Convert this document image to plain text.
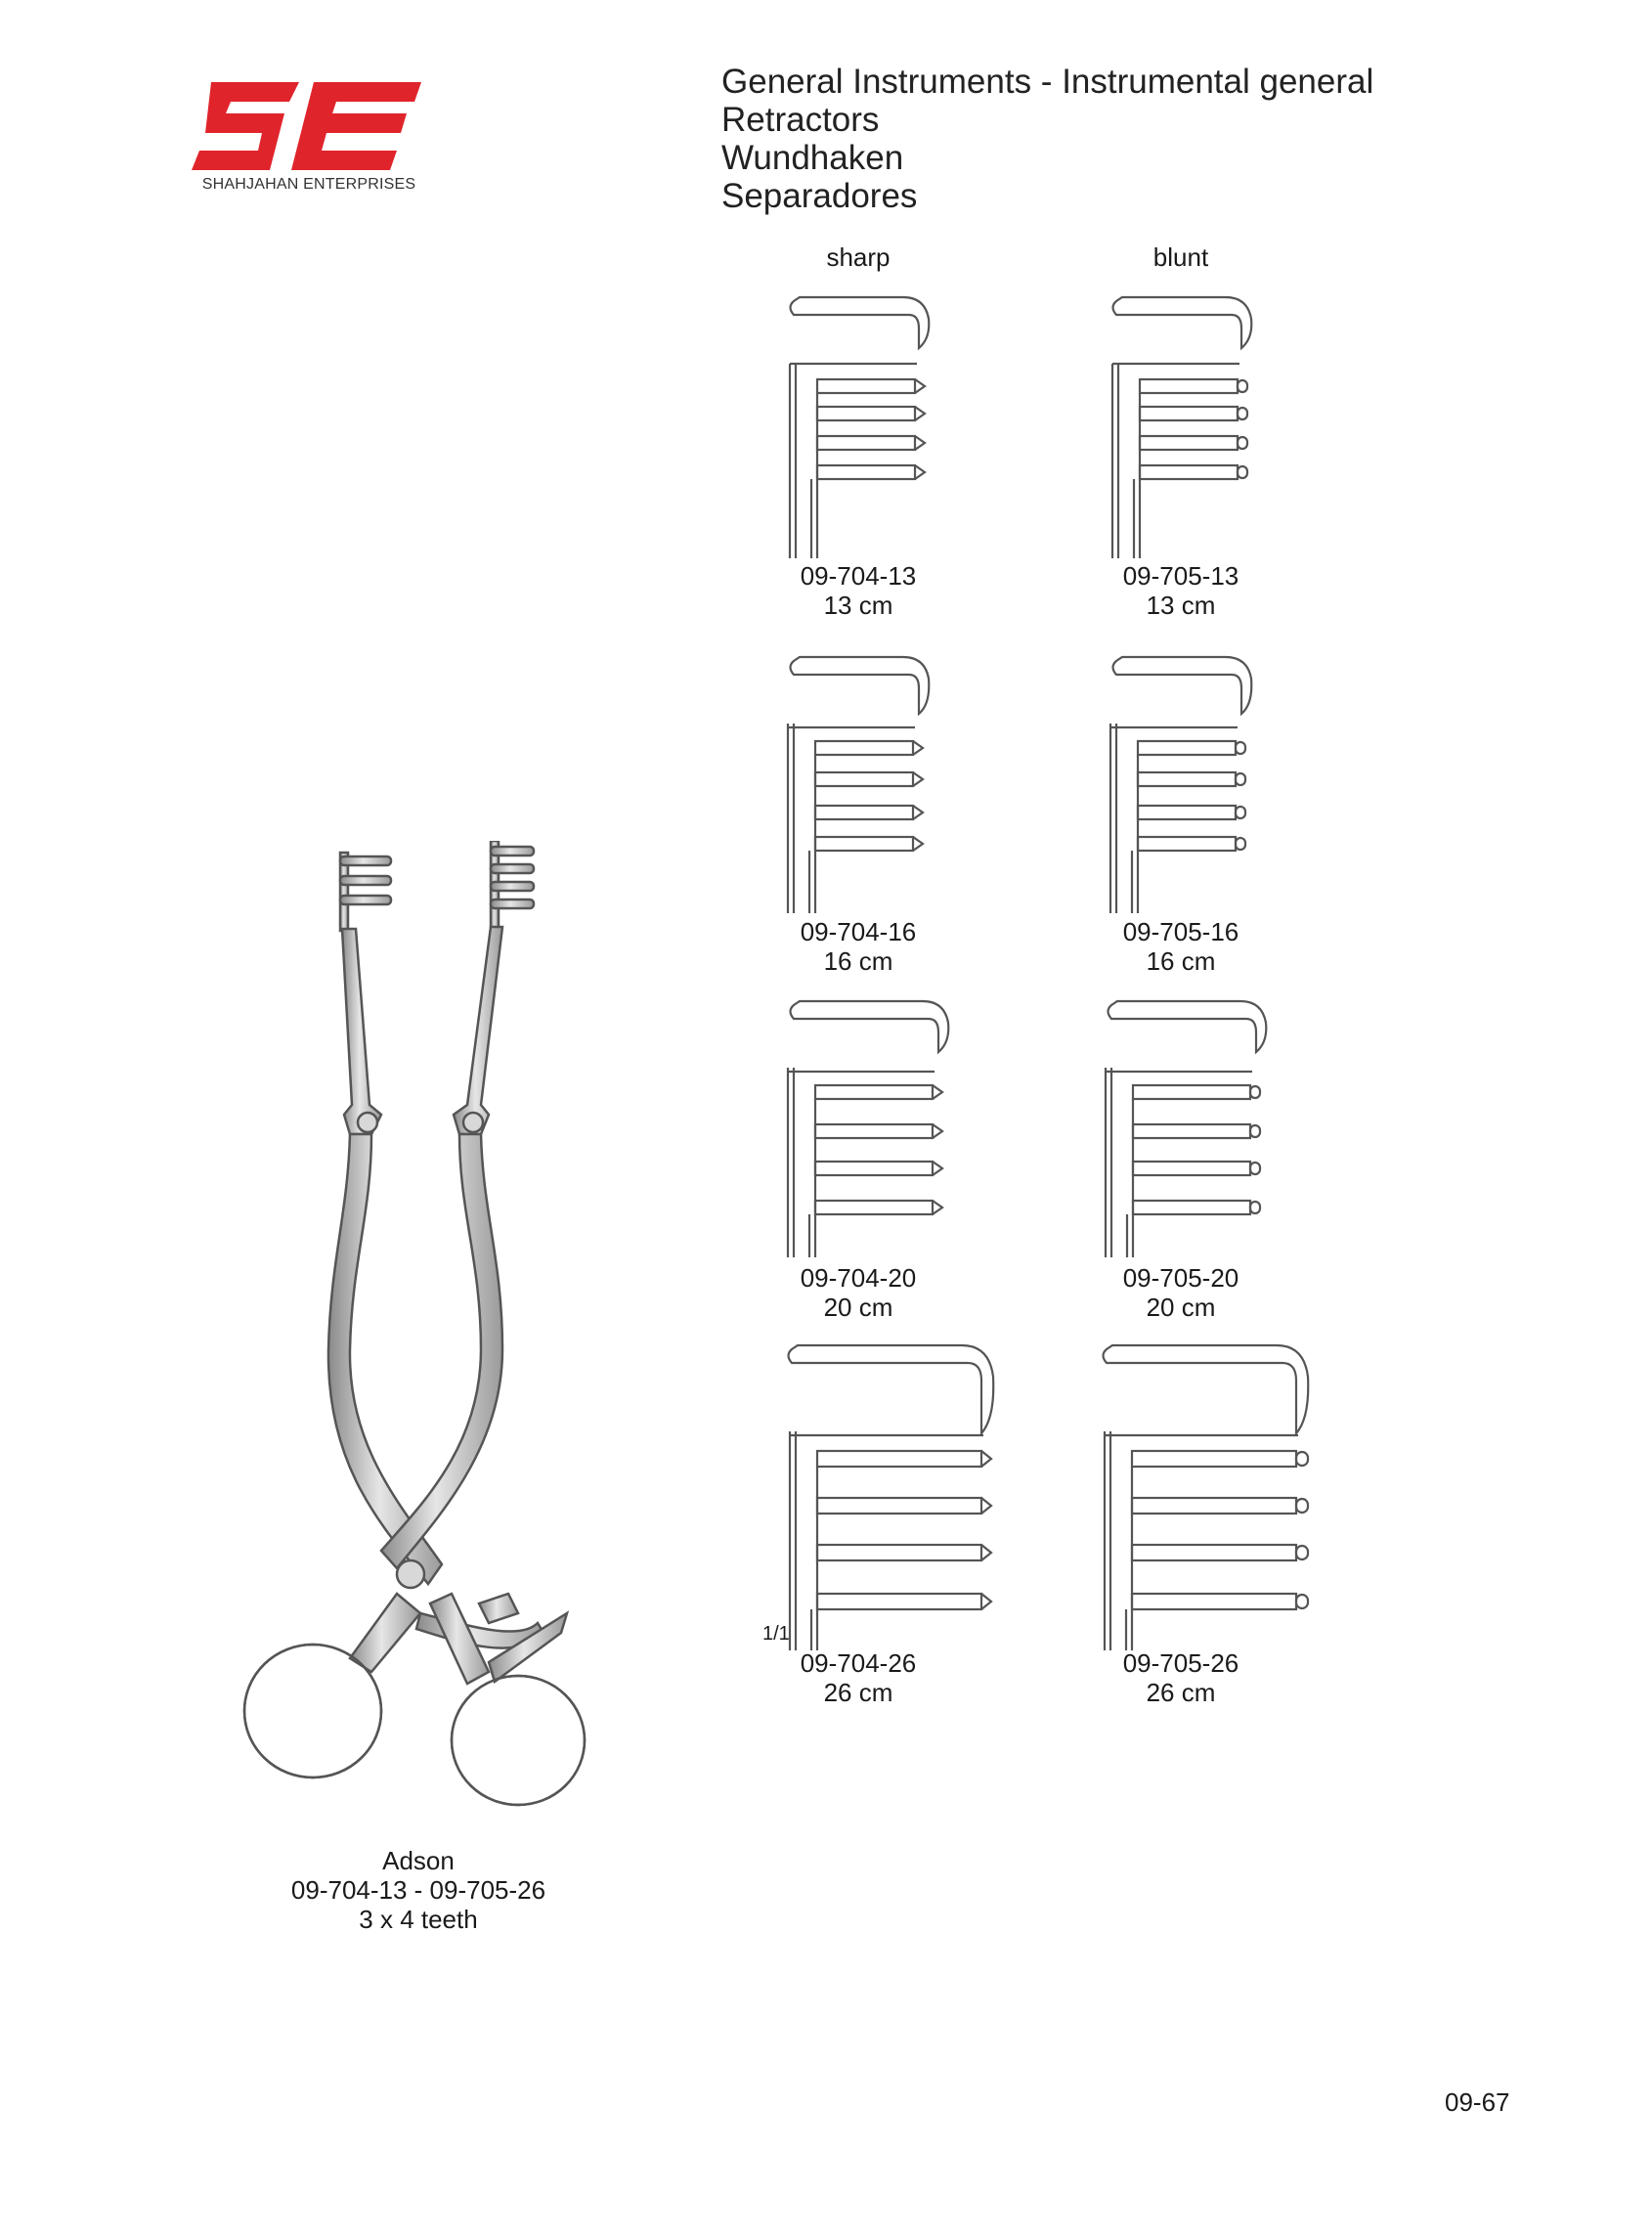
SHAHJAHAN ENTERPRISES
General Instruments - Instrumental general
Retractors
Wundhaken
Separadores
sharp	blunt
1/1
09-704-13
13 cm
09-705-13
13 cm
09-704-16
16 cm
09-705-16
16 cm
09-704-20
20 cm
09-705-20
20 cm
09-704-26
26 cm
09-705-26
26 cm
Adson
09-704-13 - 09-705-26
3 x 4 teeth
09-67
